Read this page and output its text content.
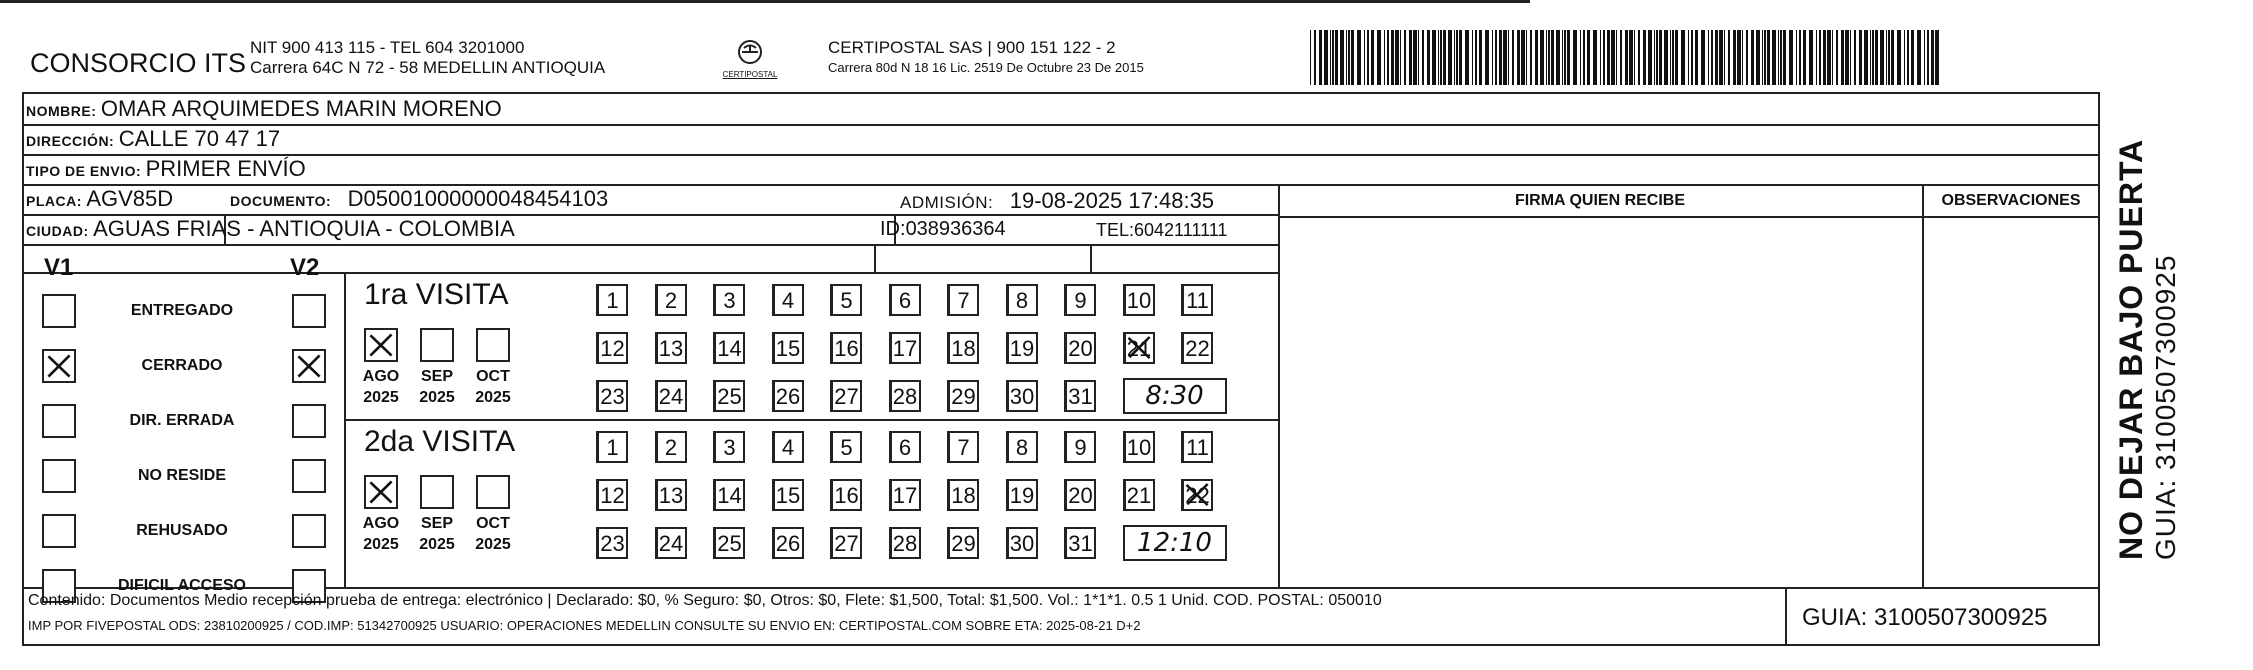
CONSORCIO ITS
NIT 900 413 115 - TEL 604 3201000
Carrera 64C N 72 - 58 MEDELLIN ANTIOQUIA	CERTIPOSTAL
CERTIPOSTAL SAS | 900 151 122 - 2
Carrera 80d N 18 16 Lic. 2519 De Octubre 23 De 2015
NOMBRE: OMAR ARQUIMEDES MARIN MORENO
DIRECCIÓN: CALLE 70 47 17
TIPO DE ENVIO: PRIMER ENVÍO
PLACA: AGV85D	DOCUMENTO: D05001000000048454103	ADMISIÓN: 19-08-2025 17:48:35
CIUDAD: AGUAS FRIAS - ANTIOQUIA - COLOMBIA	ID:038936364	TEL:6042111111
FIRMA QUIEN RECIBE	OBSERVACIONES
V1	V2
ENTREGADO
CERRADO
DIR. ERRADA
NO RESIDE
REHUSADO
DIFICIL ACCESO
1ra VISITA
AGO
2025
SEP
2025
OCT
2025
1	2	3	4	5	6	7	8	9	10 11
12 13 14 15 16 17 18 19 20 21 22
23 24 25 26 27 28 29 30 31	8:30
2da VISITA
AGO
2025
SEP
2025
OCT
2025
1	2	3	4	5	6	7	8	9	10 11
12 13 14 15 16 17 18 19 20 21 22
23 24 25 26 27 28 29 30 31	12:10
Contenido: Documentos Medio recepción prueba de entrega: electrónico | Declarado: $0, % Seguro: $0, Otros: $0, Flete: $1,500, Total: $1,500. Vol.: 1*1*1. 0.5 1 Unid. COD. POSTAL: 050010
IMP POR FIVEPOSTAL ODS: 23810200925 / COD.IMP: 51342700925 USUARIO: OPERACIONES MEDELLIN CONSULTE SU ENVIO EN: CERTIPOSTAL.COM SOBRE ETA: 2025-08-21 D+2	GUIA: 3100507300925
NO DEJAR BAJO PUERTA GUIA: 3100507300925
